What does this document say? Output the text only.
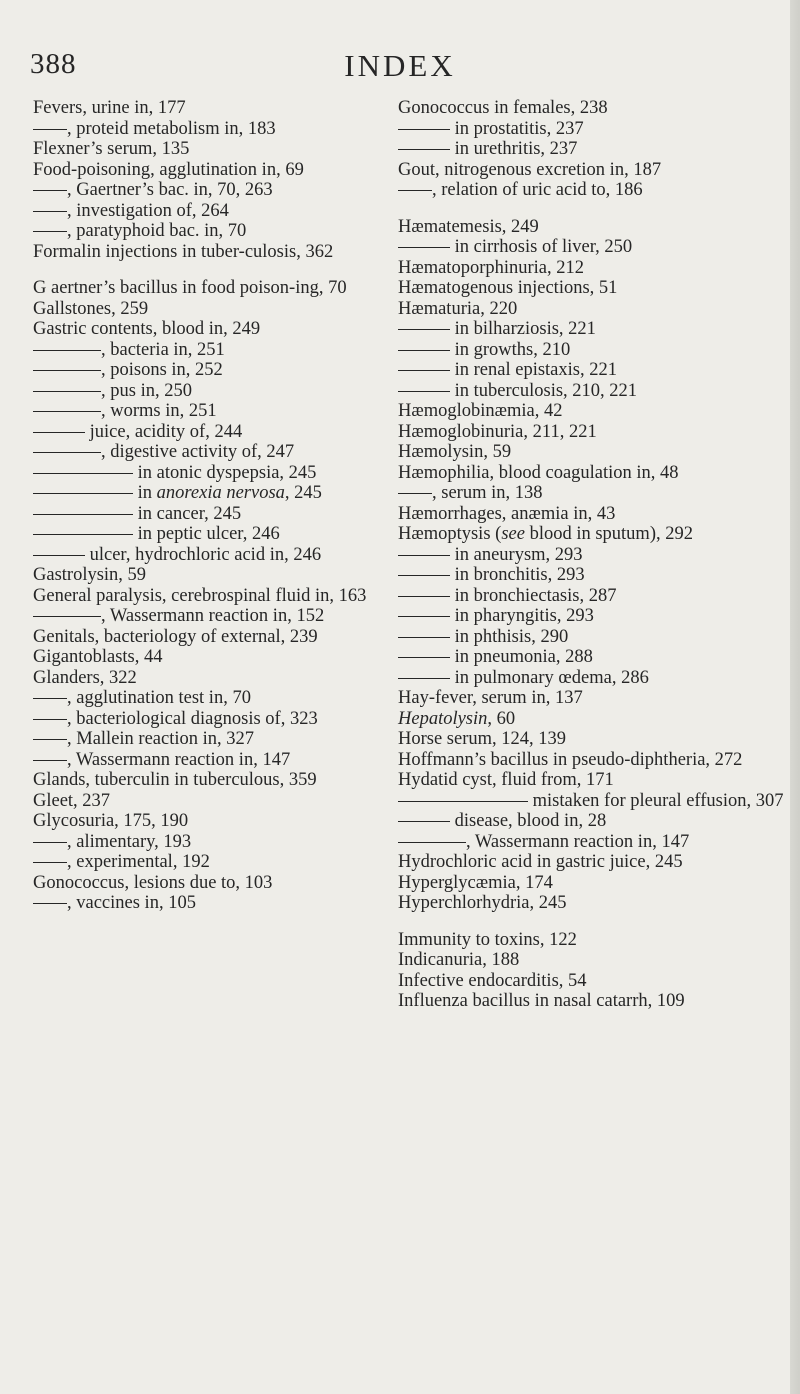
388	INDEX
Fevers, urine in, 177
, proteid metabolism in, 183
Flexner’s serum, 135
Food-poisoning, agglutination in, 69
, Gaertner’s bac. in, 70, 263
, investigation of, 264
, paratyphoid bac. in, 70
Formalin injections in tuber-culosis, 362
G aertner’s bacillus in food poison-ing, 70
Gallstones, 259
Gastric contents, blood in, 249
, bacteria in, 251
, poisons in, 252
, pus in, 250
, worms in, 251
juice, acidity of, 244
, digestive activity of, 247
in atonic dyspepsia, 245
in anorexia nervosa, 245
in cancer, 245
in peptic ulcer, 246
ulcer, hydrochloric acid in, 246
Gastrolysin, 59
General paralysis, cerebrospinal fluid in, 163
, Wassermann reaction in, 152
Genitals, bacteriology of external, 239
Gigantoblasts, 44
Glanders, 322
, agglutination test in, 70
, bacteriological diagnosis of, 323
, Mallein reaction in, 327
, Wassermann reaction in, 147
Glands, tuberculin in tuberculous, 359
Gleet, 237
Glycosuria, 175, 190
, alimentary, 193
, experimental, 192
Gonococcus, lesions due to, 103
, vaccines in, 105
Gonococcus in females, 238
in prostatitis, 237
in urethritis, 237
Gout, nitrogenous excretion in, 187
, relation of uric acid to, 186
Hæmatemesis, 249
in cirrhosis of liver, 250
Hæmatoporphinuria, 212
Hæmatogenous injections, 51
Hæmaturia, 220
in bilharziosis, 221
in growths, 210
in renal epistaxis, 221
in tuberculosis, 210, 221
Hæmoglobinæmia, 42
Hæmoglobinuria, 211, 221
Hæmolysin, 59
Hæmophilia, blood coagulation in, 48
, serum in, 138
Hæmorrhages, anæmia in, 43
Hæmoptysis (see blood in sputum), 292
in aneurysm, 293
in bronchitis, 293
in bronchiectasis, 287
in pharyngitis, 293
in phthisis, 290
in pneumonia, 288
in pulmonary œdema, 286
Hay-fever, serum in, 137
Hepatolysin, 60
Horse serum, 124, 139
Hoffmann’s bacillus in pseudo-diphtheria, 272
Hydatid cyst, fluid from, 171
mistaken for pleural effusion, 307
disease, blood in, 28
, Wassermann reaction in, 147
Hydrochloric acid in gastric juice, 245
Hyperglycæmia, 174
Hyperchlorhydria, 245
Immunity to toxins, 122
Indicanuria, 188
Infective endocarditis, 54
Influenza bacillus in nasal catarrh, 109
